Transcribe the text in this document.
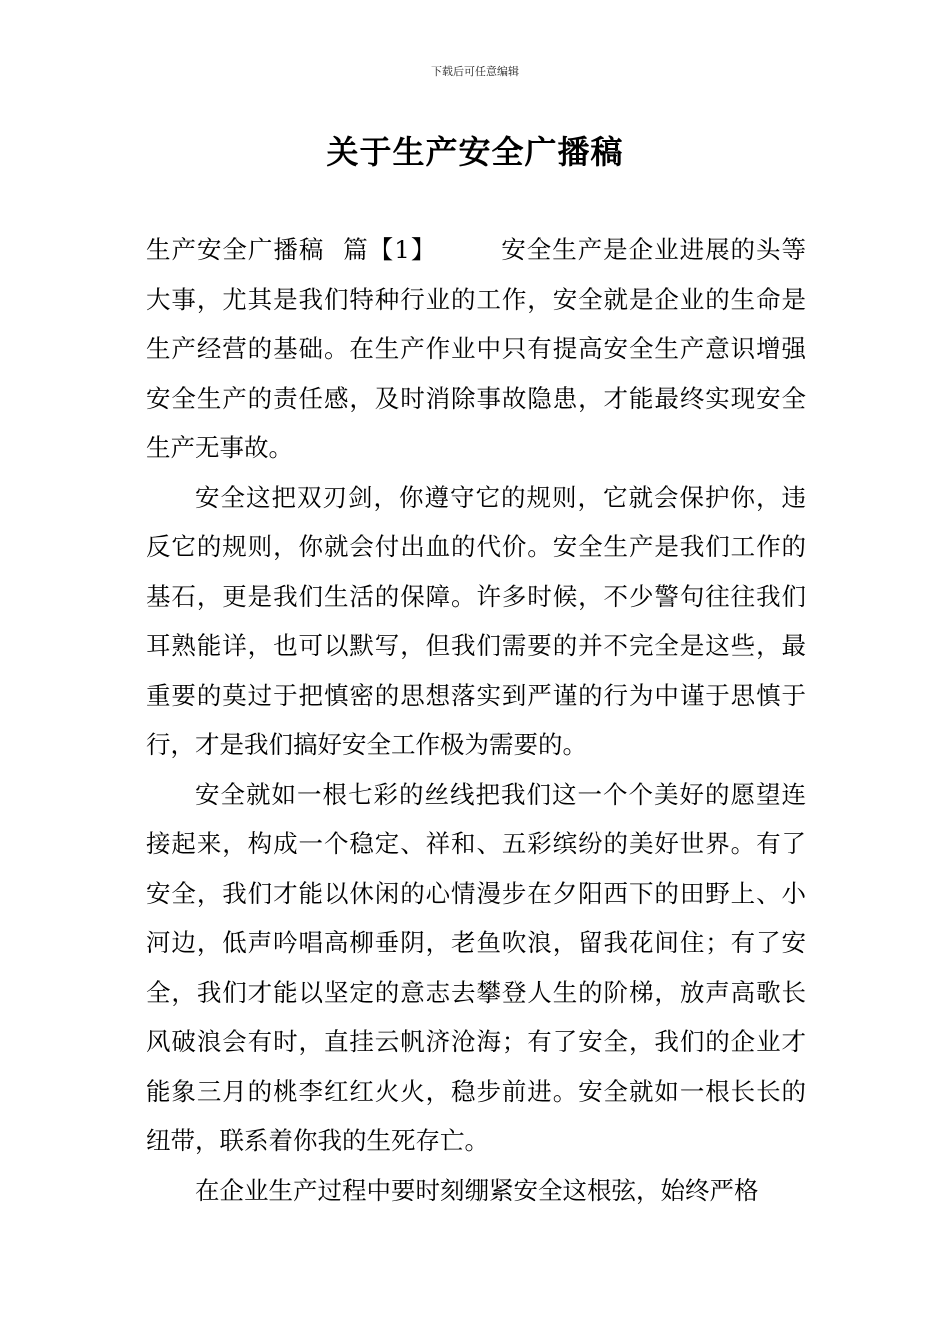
下载后可任意编辑
关于生产安全广播稿

生产安全广播稿 篇【1】	安全生产是企业进展的头等大事，尤其是我们特种行业的工作，安全就是企业的生命是生产经营的基础。在生产作业中只有提高安全生产意识增强安全生产的责任感，及时消除事故隐患，才能最终实现安全生产无事故。

安全这把双刃剑，你遵守它的规则，它就会保护你，违反它的规则，你就会付出血的代价。安全生产是我们工作的基石，更是我们生活的保障。许多时候，不少警句往往我们耳熟能详，也可以默写，但我们需要的并不完全是这些，最重要的莫过于把慎密的思想落实到严谨的行为中谨于思慎于行，才是我们搞好安全工作极为需要的。

安全就如一根七彩的丝线把我们这一个个美好的愿望连接起来，构成一个稳定、祥和、五彩缤纷的美好世界。有了安全，我们才能以休闲的心情漫步在夕阳西下的田野上、小河边，低声吟唱高柳垂阴，老鱼吹浪，留我花间住；有了安全，我们才能以坚定的意志去攀登人生的阶梯，放声高歌长风破浪会有时，直挂云帆济沧海；有了安全，我们的企业才能象三月的桃李红红火火，稳步前进。安全就如一根长长的纽带，联系着你我的生死存亡。

在企业生产过程中要时刻绷紧安全这根弦，始终严格
